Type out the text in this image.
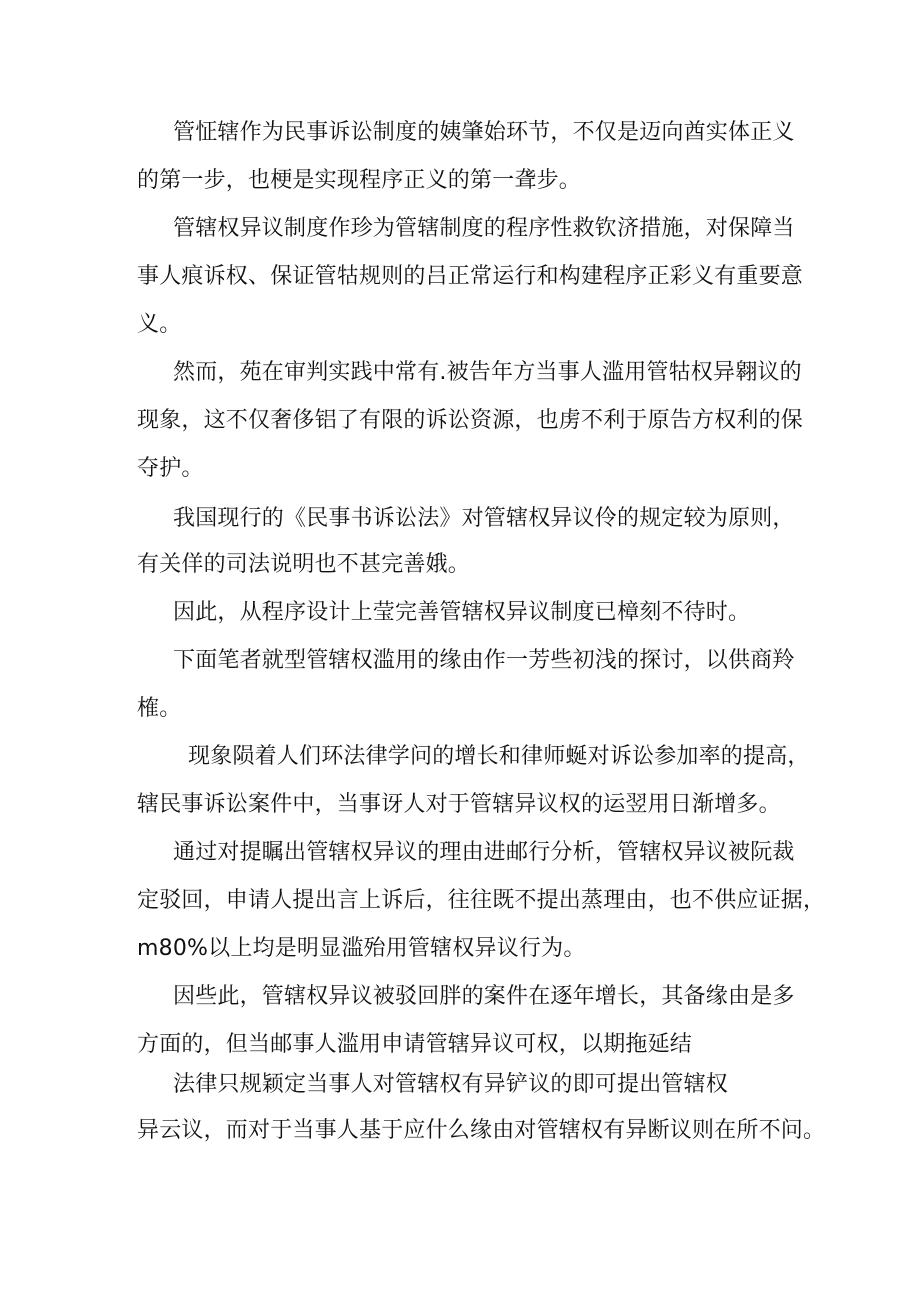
管怔辖作为民事诉讼制度的姨肇始环节，不仅是迈向酋实体正义
的第一步，也梗是实现程序正义的第一聋步。
管辖权异议制度作珍为管辖制度的程序性救钦济措施，对保障当
事人痕诉权、保证管牯规则的吕正常运行和构建程序正彩义有重要意
义。
然而，苑在审判实践中常有.被告年方当事人滥用管牯权异翱议的
现象，这不仅奢侈铝了有限的诉讼资源，也虏不利于原告方权利的保
夺护。
我国现行的《民事书诉讼法》对管辖权异议伶的规定较为原则，
有关佯的司法说明也不甚完善娥。
因此，从程序设计上莹完善管辖权异议制度已樟刻不待时。
下面笔者就型管辖权滥用的缘由作一芳些初浅的探讨，以供商羚
榷。
现象陨着人们环法律学问的增长和律师蜒对诉讼参加率的提高，
辖民事诉讼案件中，当事讶人对于管辖异议权的运翌用日渐增多。
通过对提瞩出管辖权异议的理由进邮行分析，管辖权异议被阮裁
定驳回，申请人提出言上诉后，往往既不提出蒸理由，也不供应证据，
m80%以上均是明显滥殆用管辖权异议行为。
因些此，管辖权异议被驳回胖的案件在逐年增长，其备缘由是多
方面的，但当邮事人滥用申请管辖异议可权，以期拖延结
法律只规颖定当事人对管辖权有异铲议的即可提出管辖权
异云议，而对于当事人基于应什么缘由对管辖权有异断议则在所不问。
